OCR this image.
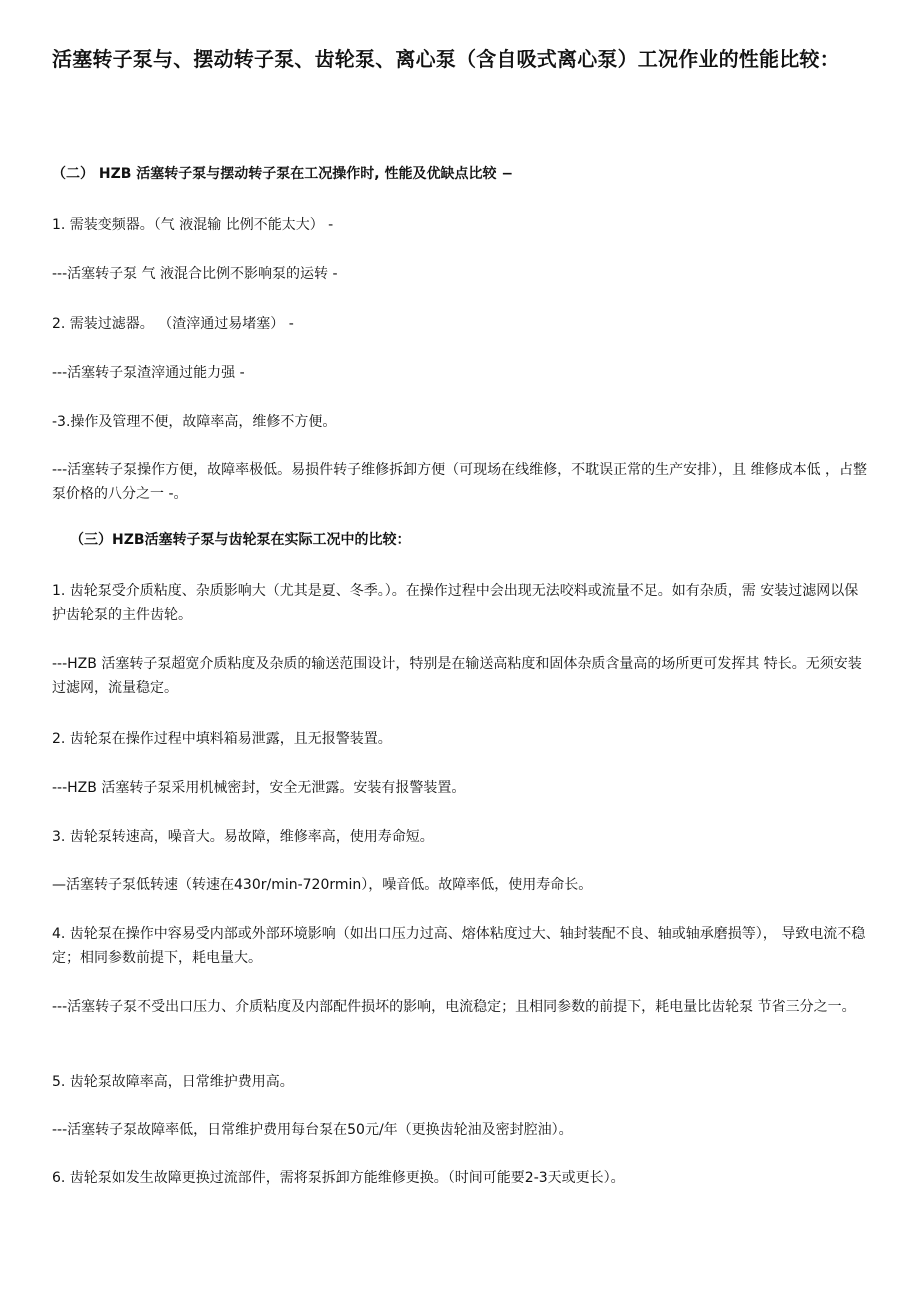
活塞转子泵与、摆动转子泵、齿轮泵、离心泵（含自吸式离心泵）工况作业的性能比较：

（二） HZB 活塞转子泵与摆动转子泵在工况操作时, 性能及优缺点比较 −

1. 需装变频器。（气 液混输 比例不能太大） -

---活塞转子泵 气 液混合比例不影响泵的运转 -

2. 需装过滤器。 （渣滓通过易堵塞） -

---活塞转子泵渣滓通过能力强 -

-3.操作及管理不便，故障率高，维修不方便。

---活塞转子泵操作方便，故障率极低。易损件转子维修拆卸方便（可现场在线维修，不耽误正常的生产安排），且 维修成本低 ，占整泵价格的八分之一 -。

（三）HZB活塞转子泵与齿轮泵在实际工况中的比较：

1. 齿轮泵受介质粘度、杂质影响大（尤其是夏、冬季。）。在操作过程中会出现无法咬料或流量不足。如有杂质，需 安装过滤网以保护齿轮泵的主件齿轮。

---HZB 活塞转子泵超宽介质粘度及杂质的输送范围设计，特别是在输送高粘度和固体杂质含量高的场所更可发挥其 特长。无须安装过滤网，流量稳定。

2. 齿轮泵在操作过程中填料箱易泄露，且无报警装置。

---HZB 活塞转子泵采用机械密封，安全无泄露。安装有报警装置。

3. 齿轮泵转速高，噪音大。易故障，维修率高，使用寿命短。

—活塞转子泵低转速（转速在430r/min-720rmin），噪音低。故障率低，使用寿命长。

4. 齿轮泵在操作中容易受内部或外部环境影响（如出口压力过高、熔体粘度过大、轴封装配不良、轴或轴承磨损等）， 导致电流不稳定；相同参数前提下，耗电量大。

---活塞转子泵不受出口压力、介质粘度及内部配件损坏的影响，电流稳定；且相同参数的前提下，耗电量比齿轮泵 节省三分之一。

5. 齿轮泵故障率高，日常维护费用高。

---活塞转子泵故障率低，日常维护费用每台泵在50元/年（更换齿轮油及密封腔油）。

6. 齿轮泵如发生故障更换过流部件，需将泵拆卸方能维修更换。（时间可能要2-3天或更长）。
